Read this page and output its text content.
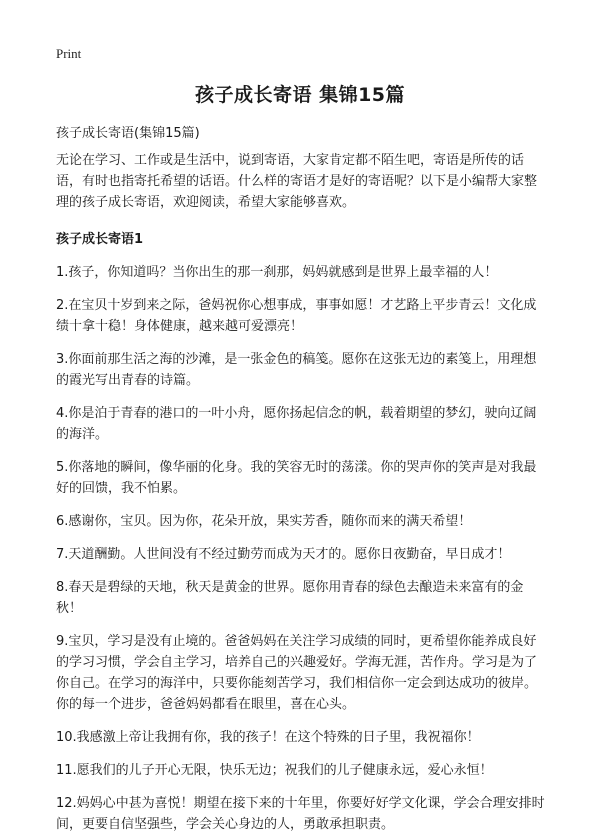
Print
孩子成长寄语 集锦15篇
孩子成长寄语(集锦15篇)

无论在学习、工作或是生活中，说到寄语，大家肯定都不陌生吧，寄语是所传的话语，有时也指寄托希望的话语。什么样的寄语才是好的寄语呢？以下是小编帮大家整理的孩子成长寄语，欢迎阅读，希望大家能够喜欢。

孩子成长寄语1

1.孩子，你知道吗？当你出生的那一刹那，妈妈就感到是世界上最幸福的人！

2.在宝贝十岁到来之际，爸妈祝你心想事成，事事如愿！才艺路上平步青云！文化成绩十拿十稳！身体健康，越来越可爱漂亮！

3.你面前那生活之海的沙滩，是一张金色的稿笺。愿你在这张无边的素笺上，用理想的霞光写出青春的诗篇。

4.你是泊于青春的港口的一叶小舟，愿你扬起信念的帆，载着期望的梦幻，驶向辽阔的海洋。

5.你落地的瞬间，像华丽的化身。我的笑容无时的荡漾。你的哭声你的笑声是对我最好的回馈，我不怕累。

6.感谢你，宝贝。因为你，花朵开放，果实芳香，随你而来的满天希望！

7.天道酬勤。人世间没有不经过勤劳而成为天才的。愿你日夜勤奋，早日成才！

8.春天是碧绿的天地，秋天是黄金的世界。愿你用青春的绿色去酿造未来富有的金秋！

9.宝贝，学习是没有止境的。爸爸妈妈在关注学习成绩的同时，更希望你能养成良好的学习习惯，学会自主学习，培养自己的兴趣爱好。学海无涯，苦作舟。学习是为了你自己。在学习的海洋中，只要你能刻苦学习，我们相信你一定会到达成功的彼岸。你的每一个进步，爸爸妈妈都看在眼里，喜在心头。

10.我感激上帝让我拥有你，我的孩子！在这个特殊的日子里，我祝福你！

11.愿我们的儿子开心无限，快乐无边；祝我们的儿子健康永远，爱心永恒！

12.妈妈心中甚为喜悦！期望在接下来的十年里，你要好好学文化课，学会合理安排时间，更要自信坚强些，学会关心身边的人，勇敢承担职责。
